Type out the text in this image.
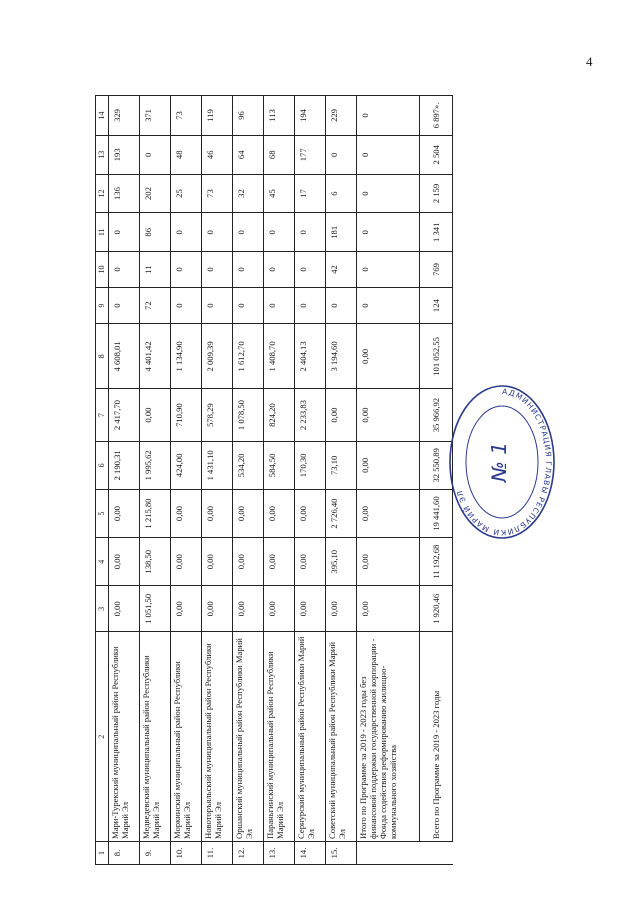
4
1	2	3	4	5	6	7	8	9	10	11	12	13	14
8.	Мари-Турекский муниципальный район Республики Марий Эл	0,00	0,00	0,00	2 190,31	2 417,70	4 608,01	0	0	0	136	193	329
9.	Медведевский муниципальный район Республики Марий Эл	1 051,50	138,50	1 215,80	1 995,62	0,00	4 401,42	72	11	86	202	0	371
10.	Моркинский муниципальный район Республики Марий Эл	0,00	0,00	0,00	424,00	710,90	1 134,90	0	0	0	25	48	73
11.	Новоторъяльский муниципальный район Республики Марий Эл	0,00	0,00	0,00	1 431,10	578,29	2 009,39	0	0	0	73	46	119
12.	Оршанский муниципальный район Республики Марий Эл	0,00	0,00	0,00	534,20	1 078,50	1 612,70	0	0	0	32	64	96
13.	Параньгинский муниципальный район Республики Марий Эл	0,00	0,00	0,00	584,50	824,20	1 408,70	0	0	0	45	68	113
14.	Сернурский муниципальный район Республики Марий Эл	0,00	0,00	0,00	170,30	2 233,83	2 404,13	0	0	0	17	177	194
15.	Советский муниципальный район Республики Марий Эл	0,00	395,10	2 726,40	73,10	0,00	3 194,60	0	42	181	6	0	229
	Итого по Программе за 2019 - 2023 годы без финансовой поддержки государственной корпорации - Фонда содействия реформированию жилищно-коммунального хозяйства	0,00	0,00	0,00	0,00	0,00	0,00	0	0	0	0	0	0
	Всего по Программе за 2019 - 2023 годы	1 920,46	11 192,68	19 441,60	32 550,89	35 966,92	101 052,55	124	769	1 341	2 159	2 504	6 897».
№ 1
АДМИНИСТРАЦИЯ ГЛАВЫ РЕСПУБЛИКИ МАРИЙ ЭЛ
